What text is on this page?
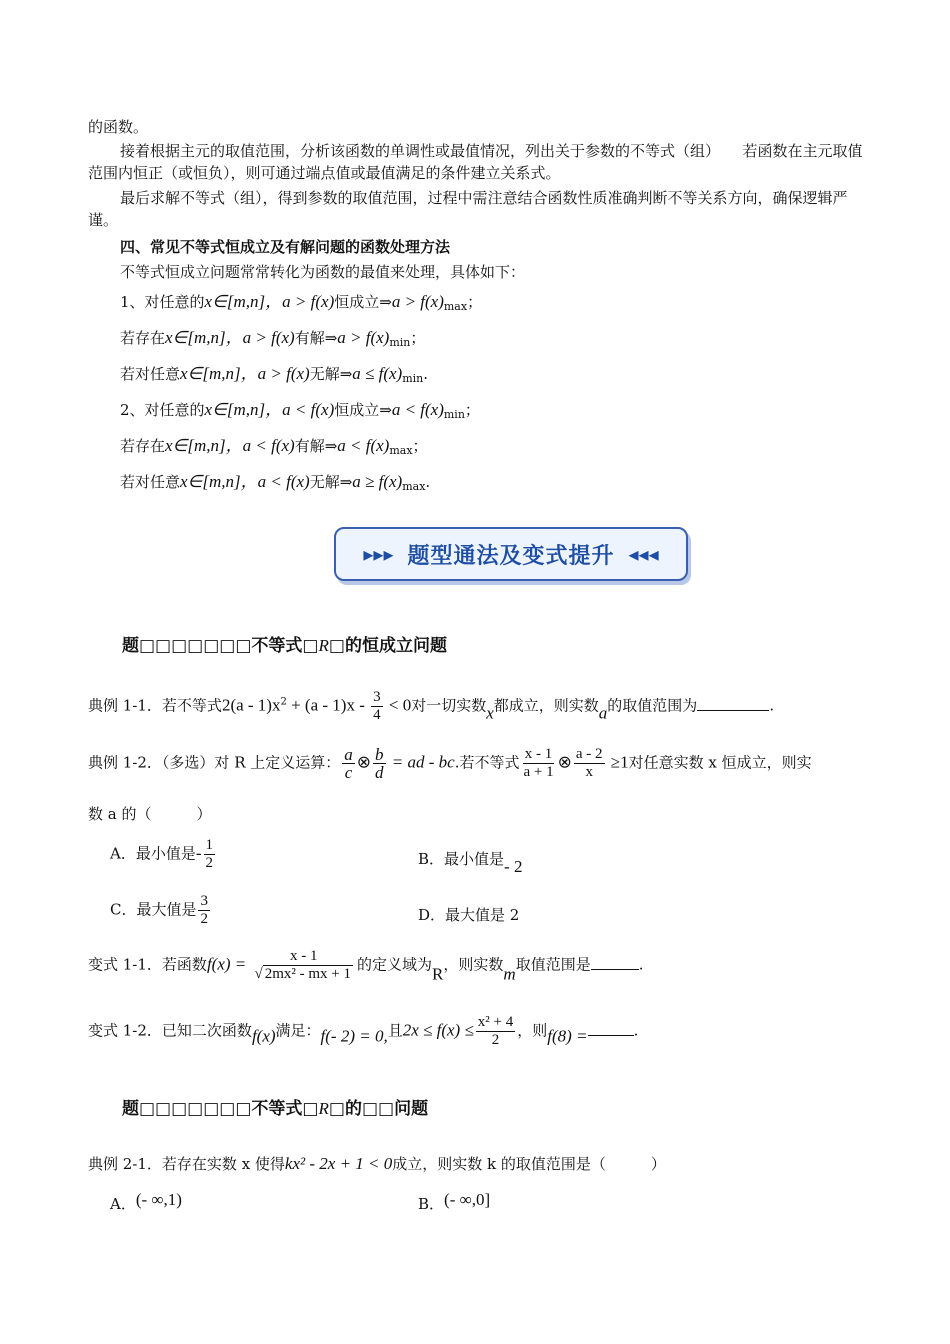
的函数。
接着根据主元的取值范围，分析该函数的单调性或最值情况，列出关于参数的不等式（组）　　若函数在主元取值范围内恒正（或恒负），则可通过端点值或最值满足的条件建立关系式。
最后求解不等式（组），得到参数的取值范围，过程中需注意结合函数性质准确判断不等关系方向，确保逻辑严谨。
四、常见不等式恒成立及有解问题的函数处理方法
不等式恒成立问题常常转化为函数的最值来处理，具体如下：
1、对任意的x∈[m,n]，a > f(x)恒成立⇒a > $f(x)_{max}$；
若存在x∈[m,n]，a > f(x)有解⇒a > $f(x)_{min}$；
若对任意x∈[m,n]，a > f(x)无解⇒a ≤ $f(x)_{min}$.
2、对任意的x∈[m,n]，a < f(x)恒成立⇒a < $f(x)_{min}$；
若存在x∈[m,n]，a < f(x)有解⇒a < $f(x)_{max}$；
若对任意x∈[m,n]，a < f(x)无解⇒a ≥ $f(x)_{max}$.
▸▸▸ 题型通法及变式提升 ◂◂◂
题□□□□□□□不等式□R□的恒成立问题
典例 1-1．若不等式$2(a - 1)x^2 + (a - 1)x - \frac{3}{4} < 0$对一切实数x都成立，则实数a的取值范围为	.
典例 1-2．（多选）对 R 上定义运算： $\frac{a}{c}$ ⊗ $\frac{b}{d}$ = ad - bc.若不等式 $\frac{x - 1}{a + 1}$ ⊗ $\frac{a - 2}{x} \ge 1$对任意实数 x 恒成立，则实
数 a 的（　　　）
A．最小值是- $\frac{1}{2}$	B．最小值是- 2
C．最大值是 $\frac{3}{2}$	D．最大值是 2
变式 1-1．若函数$f(x) = \frac{x - 1}{\text{√ 2mx² - mx + 1}}$ 的定义域为R，则实数m取值范围是	.
变式 1-2．已知二次函数f(x)满足：f(- 2) = 0,且$2x \le f(x) \le \frac{\text{x² + 4}}{2}$ ，则f(8) =	.
题□□□□□□□不等式□R□的□□问题
典例 2-1．若存在实数 x 使得kx² - 2x + 1 < 0成立，则实数 k 的取值范围是（　　　）
A．(- ∞,1)	B．(- ∞,0]
